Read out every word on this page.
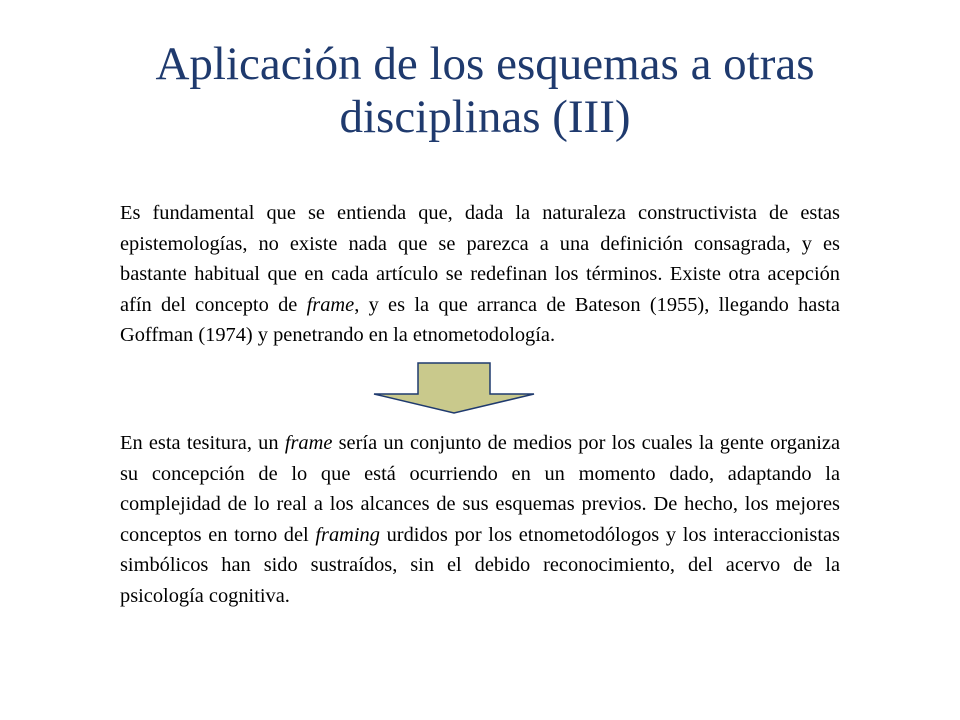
Aplicación de los esquemas a otras
disciplinas (III)

Es fundamental que se entienda que, dada la naturaleza constructivista de estas epistemologías, no existe nada que se parezca a una definición consagrada, y es bastante habitual que en cada artículo se redefinan los términos. Existe otra acepción afín del concepto de frame, y es la que arranca de Bateson (1955), llegando hasta Goffman (1974) y penetrando en la etnometodología.

En esta tesitura, un frame sería un conjunto de medios por los cuales la gente organiza su concepción de lo que está ocurriendo en un momento dado, adaptando la complejidad de lo real a los alcances de sus esquemas previos. De hecho, los mejores conceptos en torno del framing urdidos por los etnometodólogos y los interaccionistas simbólicos han sido sustraídos, sin el debido reconocimiento, del acervo de la psicología cognitiva.
